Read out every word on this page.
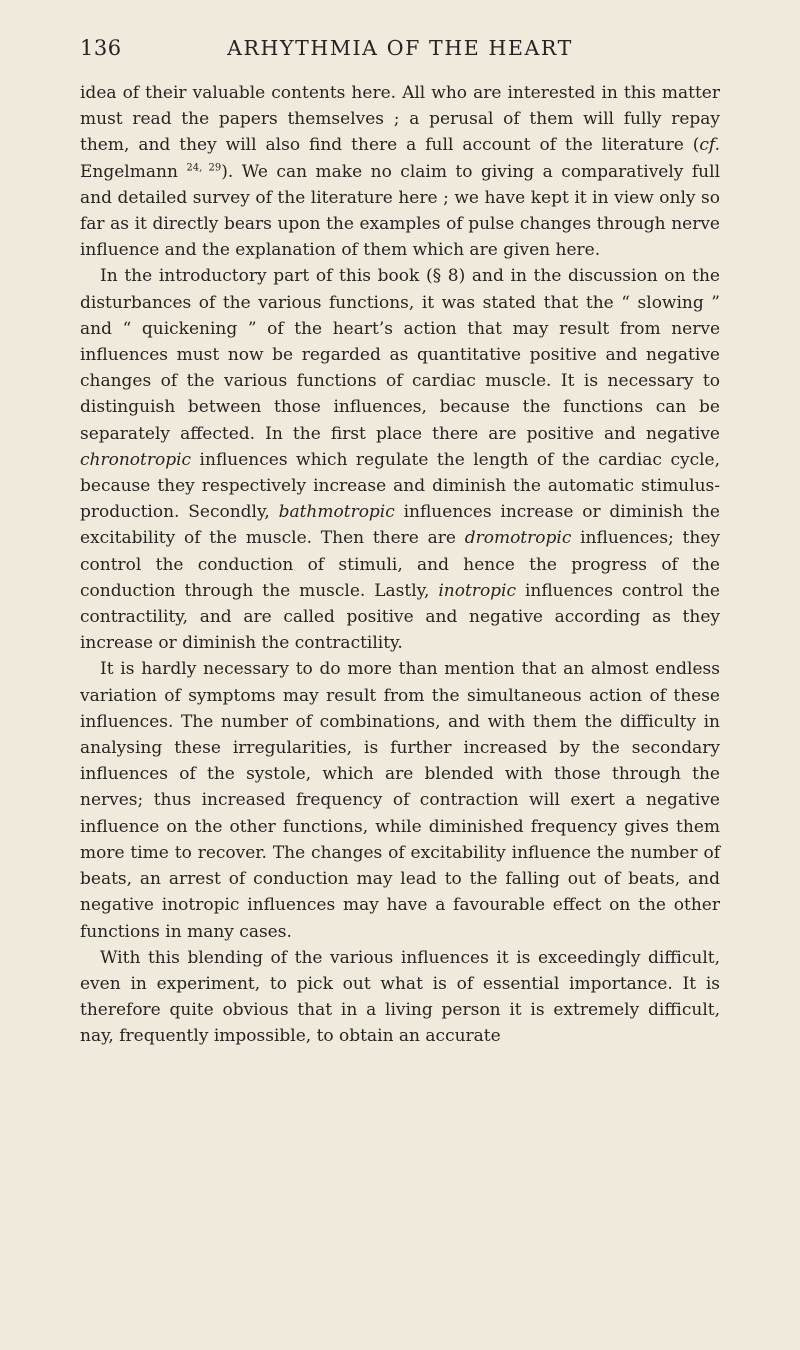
136	ARHYTHMIA OF THE HEART

idea of their valuable contents here. All who are interested in this matter must read the papers themselves ; a perusal of them will fully repay them, and they will also find there a full account of the literature (cf. Engelmann $^{24, 29}$). We can make no claim to giving a comparatively full and detailed survey of the literature here ; we have kept it in view only so far as it directly bears upon the examples of pulse changes through nerve influence and the explanation of them which are given here.

In the introductory part of this book (§ 8) and in the discussion on the disturbances of the various functions, it was stated that the “ slowing ” and “ quickening ” of the heart’s action that may result from nerve influences must now be regarded as quantitative positive and negative changes of the various functions of cardiac muscle. It is necessary to distinguish between those influences, because the functions can be separately affected. In the first place there are positive and negative chronotropic influences which regulate the length of the cardiac cycle, because they respectively increase and diminish the automatic stimulus-production. Secondly, bathmotropic influences increase or diminish the excitability of the muscle. Then there are dromotropic influences; they control the conduction of stimuli, and hence the progress of the conduction through the muscle. Lastly, inotropic influences control the contractility, and are called positive and negative according as they increase or diminish the contractility.

It is hardly necessary to do more than mention that an almost endless variation of symptoms may result from the simultaneous action of these influences. The number of combinations, and with them the difficulty in analysing these irregularities, is further increased by the secondary influences of the systole, which are blended with those through the nerves; thus increased frequency of contraction will exert a negative influence on the other functions, while diminished frequency gives them more time to recover. The changes of excitability influence the number of beats, an arrest of conduction may lead to the falling out of beats, and negative inotropic influences may have a favourable effect on the other functions in many cases.

With this blending of the various influences it is exceedingly difficult, even in experiment, to pick out what is of essential importance. It is therefore quite obvious that in a living person it is extremely difficult, nay, frequently impossible, to obtain an accurate
